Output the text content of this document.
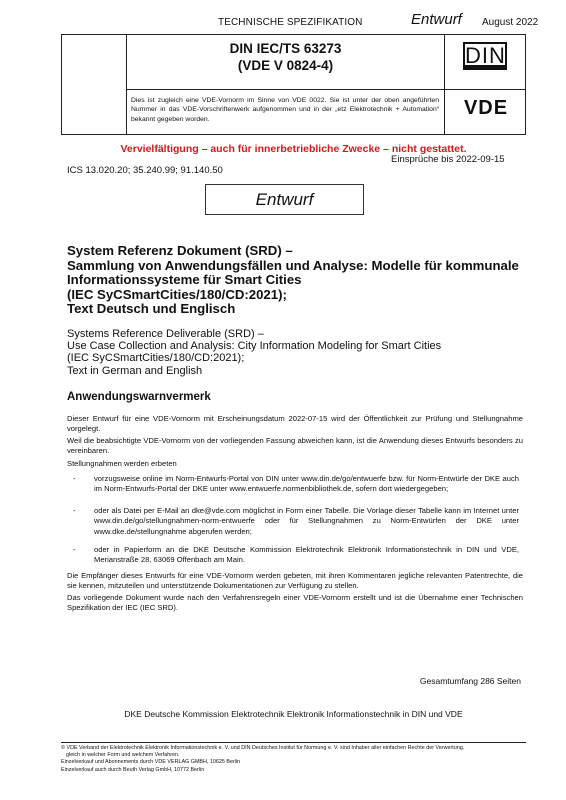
TECHNISCHE SPEZIFIKATION	Entwurf August 2022
DIN IEC/TS 63273
(VDE V 0824-4)	DIN
Dies ist zugleich eine VDE-Vornorm im Sinne von VDE 0022. Sie ist unter der oben angeführten Nummer in das VDE-Vorschriftenwerk aufgenommen und in der „etz Elektrotechnik + Automation“ bekannt gegeben worden.
VDE
Vervielfältigung – auch für innerbetriebliche Zwecke – nicht gestattet.
Einsprüche bis 2022-09-15
ICS 13.020.20; 35.240.99; 91.140.50
Entwurf
System Referenz Dokument (SRD) –
Sammlung von Anwendungsfällen und Analyse: Modelle für kommunale
Informationssysteme für Smart Cities
(IEC SyCSmartCities/180/CD:2021);
Text Deutsch und Englisch
Systems Reference Deliverable (SRD) –
Use Case Collection and Analysis: City Information Modeling for Smart Cities
(IEC SyCSmartCities/180/CD:2021);
Text in German and English
Anwendungswarnvermerk
Dieser Entwurf für eine VDE-Vornorm mit Erscheinungsdatum 2022-07-15 wird der Öffentlichkeit zur Prüfung und Stellungnahme vorgelegt.
Weil die beabsichtigte VDE-Vornorm von der vorliegenden Fassung abweichen kann, ist die Anwendung dieses Entwurfs besonders zu vereinbaren.
Stellungnahmen werden erbeten
- vorzugsweise online im Norm-Entwurfs-Portal von DIN unter www.din.de/go/entwuerfe bzw. für Norm-Entwürfe der DKE auch im Norm-Entwurfs-Portal der DKE unter www.entwuerfe.normenbibliothek.de, sofern dort wiedergegeben;
- oder als Datei per E-Mail an dke@vde.com möglichst in Form einer Tabelle. Die Vorlage dieser Tabelle kann im Internet unter www.din.de/go/stellungnahmen-norm-entwuerfe oder für Stellungnahmen zu Norm-Entwürfen der DKE unter www.dke.de/stellungnahme abgerufen werden;
- oder in Papierform an die DKE Deutsche Kommission Elektrotechnik Elektronik Informationstechnik in DIN und VDE, Merianstraße 28, 63069 Offenbach am Main.
Die Empfänger dieses Entwurfs für eine VDE-Vornorm werden gebeten, mit ihren Kommentaren jegliche relevanten Patentrechte, die sie kennen, mitzuteilen und unterstützende Dokumentationen zur Verfügung zu stellen.
Das vorliegende Dokument wurde nach den Verfahrensregeln einer VDE-Vornorm erstellt und ist die Übernahme einer Technischen Spezifikation der IEC (IEC SRD).
Gesamtumfang 286 Seiten
DKE Deutsche Kommission Elektrotechnik Elektronik Informationstechnik in DIN und VDE
© VDE Verband der Elektrotechnik Elektronik Informationstechnik e. V. und DIN Deutsches Institut für Normung e. V. sind Inhaber aller einfachen Rechte der Verwertung,
gleich in welcher Form und welchem Verfahren.
Einzelverkauf und Abonnements durch VDE VERLAG GMBH, 10625 Berlin
Einzelverkauf auch durch Beuth Verlag GmbH, 10772 Berlin
